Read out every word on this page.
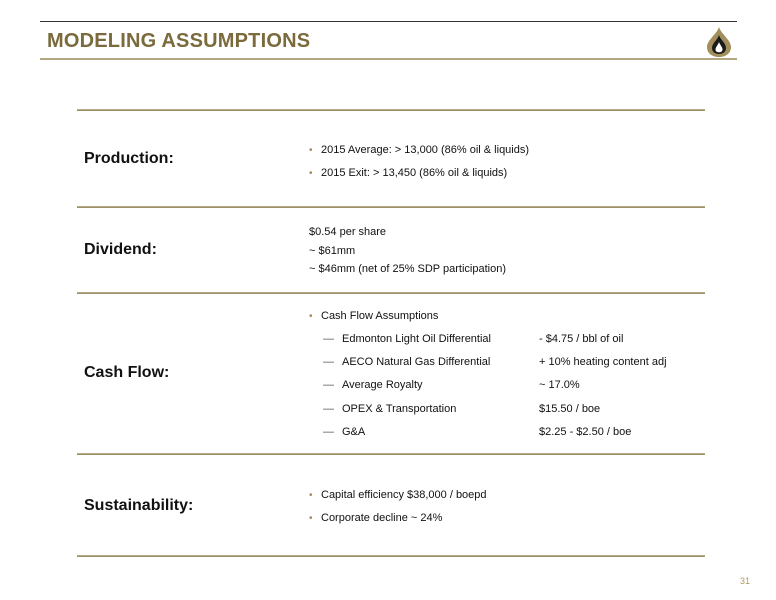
MODELING ASSUMPTIONS
Production:	• 2015 Average: > 13,000 (86% oil & liquids)
• 2015 Exit: > 13,450 (86% oil & liquids)
Dividend:
$0.54 per share
~ $61mm
~ $46mm (net of 25% SDP participation)
Cash Flow:
• Cash Flow Assumptions
— Edmonton Light Oil Differential	- $4.75 / bbl of oil
— AECO Natural Gas Differential	+ 10% heating content adj
— Average Royalty	~ 17.0%
— OPEX & Transportation	$15.50 / boe
— G&A	$2.25 - $2.50 / boe
Sustainability:
• Capital efficiency $38,000 / boepd
• Corporate decline ~ 24%
31
